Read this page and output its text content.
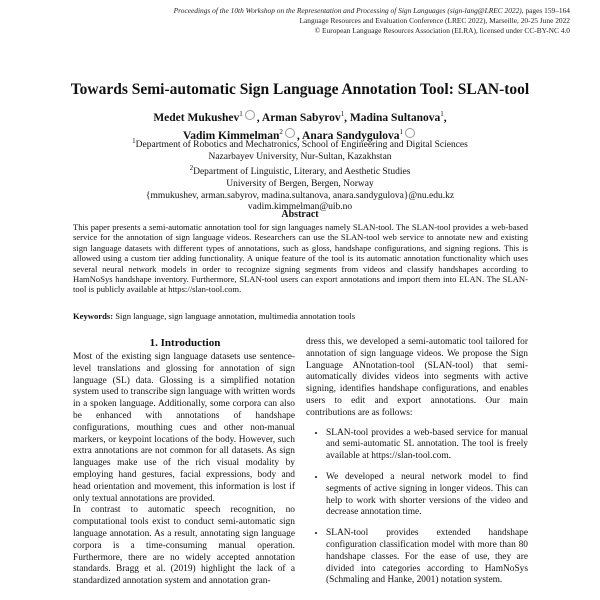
Proceedings of the 10th Workshop on the Representation and Processing of Sign Languages (sign-lang@LREC 2022), pages 159–164
Language Resources and Evaluation Conference (LREC 2022), Marseille, 20-25 June 2022
© European Language Resources Association (ELRA), licensed under CC-BY-NC 4.0
Towards Semi-automatic Sign Language Annotation Tool: SLAN-tool
Medet Mukushev$^1$ , Arman Sabyrov$^1$, Madina Sultanova$^1$,
Vadim Kimmelman$^2$ , Anara Sandygulova$^1$
$^1$Department of Robotics and Mechatronics, School of Engineering and Digital Sciences
Nazarbayev University, Nur-Sultan, Kazakhstan
$^2$Department of Linguistic, Literary, and Aesthetic Studies
University of Bergen, Bergen, Norway
{mmukushev, arman.sabyrov, madina.sultanova, anara.sandygulova}@nu.edu.kz
vadim.kimmelman@uib.no
Abstract
This paper presents a semi-automatic annotation tool for sign languages namely SLAN-tool. The SLAN-tool provides a web-based service for the annotation of sign language videos. Researchers can use the SLAN-tool web service to annotate new and existing sign language datasets with different types of annotations, such as gloss, handshape configurations, and signing regions. This is allowed using a custom tier adding functionality. A unique feature of the tool is its automatic annotation functionality which uses several neural network models in order to recognize signing segments from videos and classify handshapes according to HamNoSys handshape inventory. Furthermore, SLAN-tool users can export annotations and import them into ELAN. The SLAN-tool is publicly available at https://slan-tool.com.
Keywords: Sign language, sign language annotation, multimedia annotation tools
1. Introduction

Most of the existing sign language datasets use sentence-level translations and glossing for annotation of sign language (SL) data. Glossing is a simplified notation system used to transcribe sign language with written words in a spoken language. Additionally, some corpora can also be enhanced with annotations of handshape configurations, mouthing cues and other non-manual markers, or keypoint locations of the body. However, such extra annotations are not common for all datasets. As sign languages make use of the rich visual modality by employing hand gestures, facial expressions, body and head orientation and movement, this information is lost if only textual annotations are provided.

In contrast to automatic speech recognition, no computational tools exist to conduct semi-automatic sign language annotation. As a result, annotating sign language corpora is a time-consuming manual operation. Furthermore, there are no widely accepted annotation standards. Bragg et al. (2019) highlight the lack of a standardized annotation system and annotation gran-

dress this, we developed a semi-automatic tool tailored for annotation of sign language videos. We propose the Sign Language ANnotation-tool (SLAN-tool) that semi-automatically divides videos into segments with active signing, identifies handshape configurations, and enables users to edit and export annotations. Our main contributions are as follows:

• SLAN-tool provides a web-based service for manual and semi-automatic SL annotation. The tool is freely available at https://slan-tool.com.
• We developed a neural network model to find segments of active signing in longer videos. This can help to work with shorter versions of the video and decrease annotation time.
• SLAN-tool provides extended handshape configuration classification model with more than 80 handshape classes. For the ease of use, they are divided into categories according to HamNoSys (Schmaling and Hanke, 2001) notation system.
